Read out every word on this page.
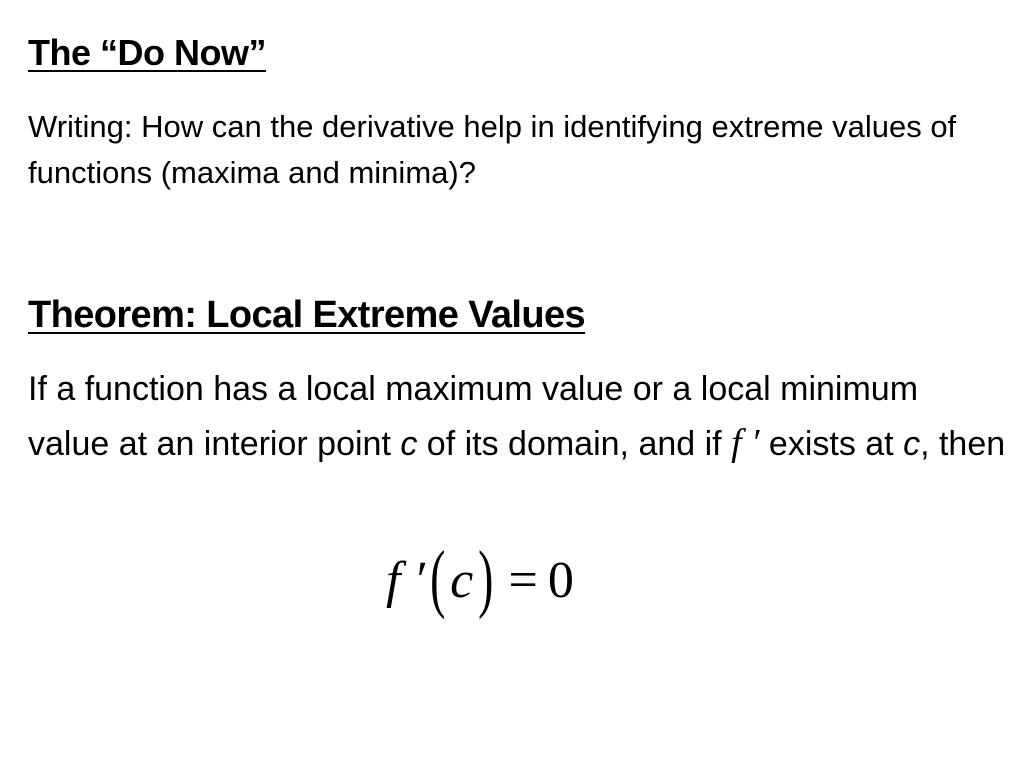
The “Do Now”

Writing: How can the derivative help in identifying extreme values of functions (maxima and minima)?

Theorem: Local Extreme Values

If a function has a local maximum value or a local minimum value at an interior point c of its domain, and if f ′ exists at c, then

f ′(c) = 0
